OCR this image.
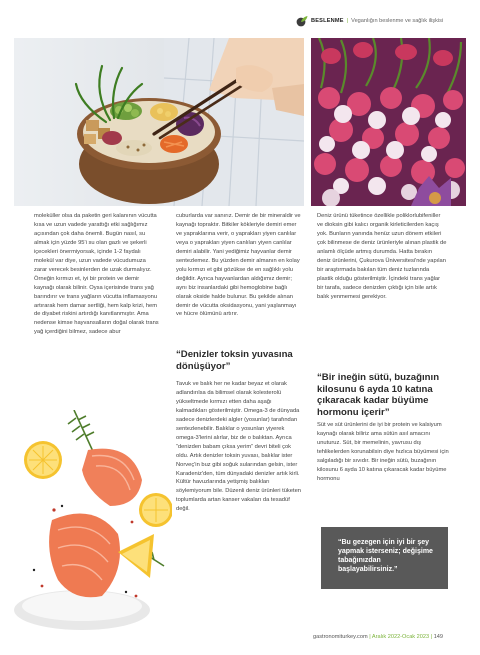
BESLENME | Veganlığın beslenme ve sağlık ilişkisi
moleküller olsa da paketin geri kalanının vücutta kısa ve uzun vadede yarattığı etki sağlığımız açısından çok daha önemli. Bugün nasıl, su almak için yüzde 95'i su olan gazlı ve şekerli içecekleri önermiyorsak, içinde 1-2 faydalı molekül var diye, uzun vadede vücudumuza zarar verecek besinlerden de uzak durmalıyız. Örneğin kırmızı et, iyi bir protein ve demir kaynağı olarak bilinir. Oysa içerisinde trans yağ barındırır ve trans yağların vücutta inflamasyonu artırarak hem damar sertliği, hem kalp krizi, hem de diyabet riskini artırdığı kanıtlanmıştır. Ama nedense kimse hayvansalların doğal olarak trans yağ içerdiğini bilmez, sadece abur
cuburlarda var sanırız. Demir de bir mineraldir ve kaynağı topraktır. Bitkiler kökleriyle demiri emer ve yapraklarına verir, o yaprakları yiyen canlılar veya o yaprakları yiyen canlıları yiyen canlılar demiri alabilir. Yani yediğimiz hayvanlar demir sentezlemez. Bu yüzden demir almanın en kolay yolu kırmızı et gibi gözükse de en sağlıklı yolu değildir. Ayrıca hayvanlardan aldığımız demir; aynı biz insanlardaki gibi hemoglobine bağlı olarak okside halde bulunur. Bu şekilde alınan demir de vücutta oksidasyonu, yani yaşlanmayı ve hücre ölümünü artırır.
“Denizler toksin yuvasına dönüşüyor”
Tavuk ve balık her ne kadar beyaz et olarak adlandırılsa da bilimsel olarak kolesterolü yükseltmede kırmızı etten daha aşağı kalmadıkları gösterilmiştir. Omega-3 de dünyada sadece denizlerdeki algler (yosunlar) tarafından sentezlenebilir. Balıklar o yosunları yiyerek omega-3'lerini alırlar, biz de o balıktan. Ayrıca “denizden babam çıksa yerim” devri biteli çok oldu. Artık denizler toksin yuvası, balıklar ister Norveç'in buz gibi soğuk sularından gelsin, ister Karadeniz'den, tüm dünyadaki denizler artık kirli. Kültür havuzlarında yetişmiş balıkları söylemiyorum bile. Düzenli deniz ürünleri tüketen toplumlarda artan kanser vakaları da tesadüf değil.
Deniz ürünü tüketince özellikle poliklorlubifeniller ve dioksin gibi kalıcı organik kirleticilerden kaçış yok. Bunların yanında henüz uzun dönem etkileri çok bilinmese de deniz ürünleriyle alınan plastik de anlamlı ölçüde artmış durumda. Hatta bırakın deniz ürünlerini, Çukurova Üniversitesi'nde yapılan bir araştırmada bakılan tüm deniz tuzlarında plastik olduğu gösterilmiştir. İçindeki trans yağlar bir tarafa, sadece denizden çıktığı için bile artık balık yenmemesi gerekiyor.
“Bir ineğin sütü, buzağının kilosunu 6 ayda 10 katına çıkaracak kadar büyüme hormonu içerir”
Süt ve süt ürünlerini de iyi bir protein ve kalsiyum kaynağı olarak biliriz ama sütün asıl amacını unuturuz. Süt, bir memelinin, yavrusu dış tehlikelerden korunabilsin diye hızlıca büyümesi için salgıladığı bir sıvıdır. Bir ineğin sütü, buzağının kilosunu 6 ayda 10 katına çıkaracak kadar büyüme hormonu
“Bu gezegen için iyi bir şey yapmak isterseniz; değişime tabağınızdan başlayabilirsiniz.”
gastronomiturkey.com | Aralık 2022-Ocak 2023 | 149
